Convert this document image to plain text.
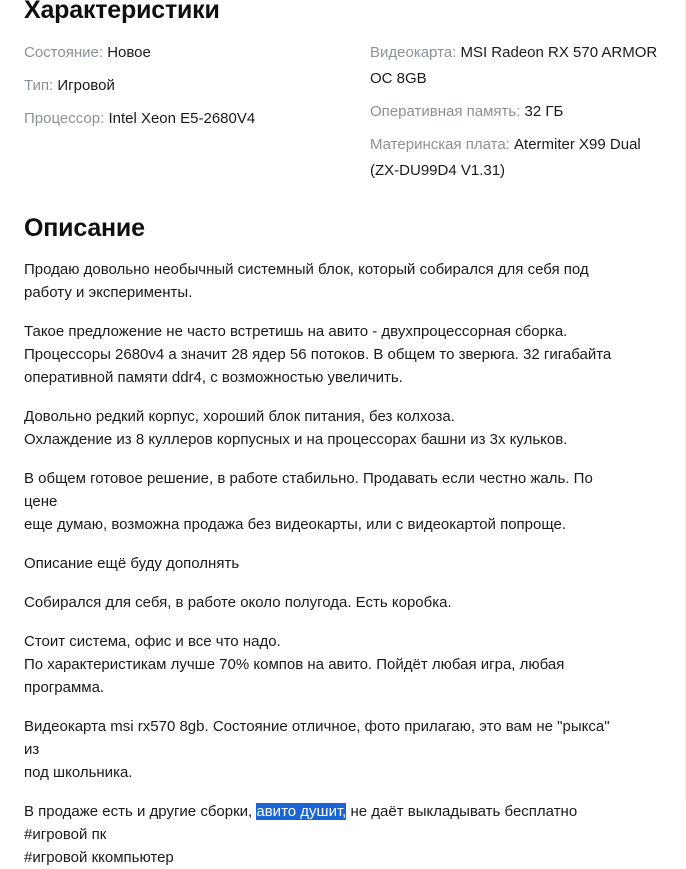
Характеристики
Состояние: Новое
Тип: Игровой
Процессор: Intel Xeon E5-2680V4
Видеокарта: MSI Radeon RX 570 ARMOR OC 8GB
Оперативная память: 32 ГБ
Материнская плата: Atermiter X99 Dual (ZX-DU99D4 V1.31)
Описание

Продаю довольно необычный системный блок, который собирался для себя под
работу и эксперименты.

Такое предложение не часто встретишь на авито - двухпроцессорная сборка.
Процессоры 2680v4 а значит 28 ядер 56 потоков. В общем то зверюга. 32 гигабайта
оперативной памяти ddr4, с возможностью увеличить.

Довольно редкий корпус, хороший блок питания, без колхоза.
Охлаждение из 8 куллеров корпусных и на процессорах башни из 3х кульков.

В общем готовое решение, в работе стабильно. Продавать если честно жаль. По цене
еще думаю, возможна продажа без видеокарты, или с видеокартой попроще.

Описание ещё буду дополнять

Собирался для себя, в работе около полугода. Есть коробка.

Стоит система, офис и все что надо.
По характеристикам лучше 70% компов на авито. Пойдёт любая игра, любая
программа.

Видеокарта msi rx570 8gb. Состояние отличное, фото прилагаю, это вам не "рыкса" из
под школьника.

В продаже есть и другие сборки, авито душит, не даёт выкладывать бесплатно
#игровой пк
#игровой ккомпьютер
